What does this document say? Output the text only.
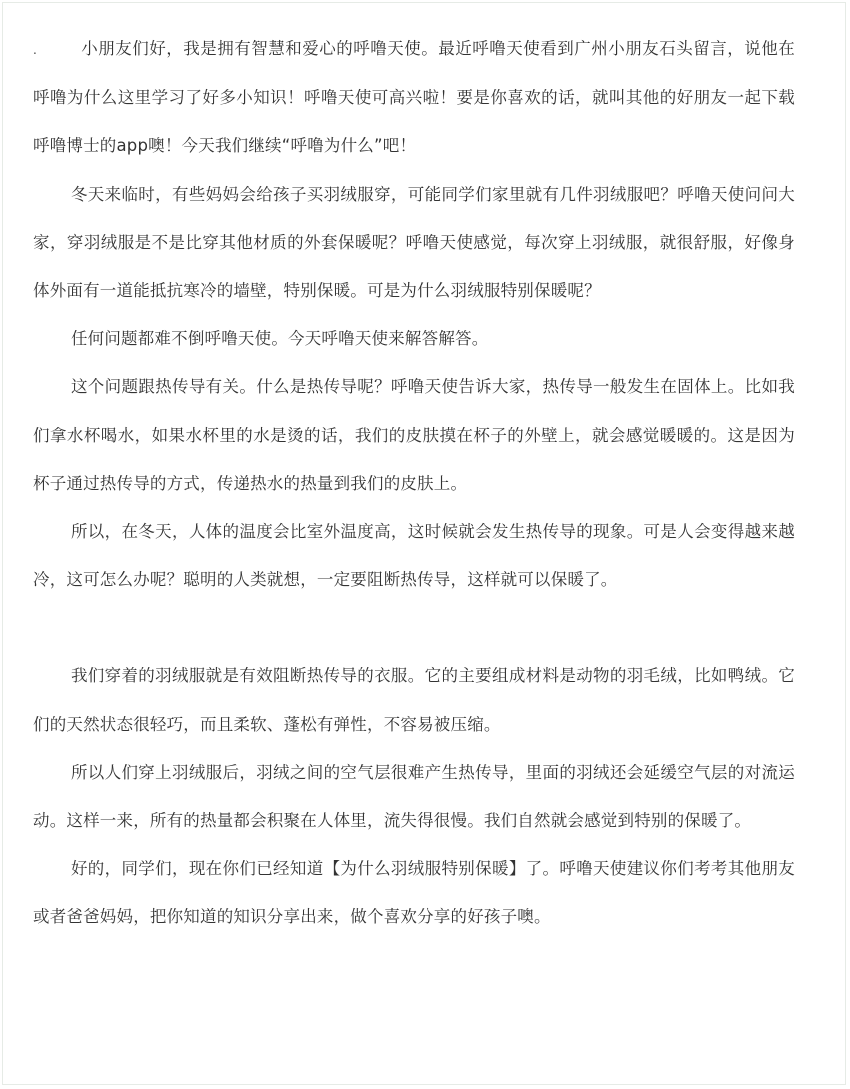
.	小朋友们好，我是拥有智慧和爱心的呼噜天使。最近呼噜天使看到广州小朋友石头留言，说他在呼噜为什么这里学习了好多小知识！呼噜天使可高兴啦！要是你喜欢的话，就叫其他的好朋友一起下载呼噜博士的app噢！今天我们继续“呼噜为什么”吧！

冬天来临时，有些妈妈会给孩子买羽绒服穿，可能同学们家里就有几件羽绒服吧？呼噜天使问问大家，穿羽绒服是不是比穿其他材质的外套保暖呢？呼噜天使感觉，每次穿上羽绒服，就很舒服，好像身体外面有一道能抵抗寒冷的墙壁，特别保暖。可是为什么羽绒服特别保暖呢？

任何问题都难不倒呼噜天使。今天呼噜天使来解答解答。

这个问题跟热传导有关。什么是热传导呢？呼噜天使告诉大家，热传导一般发生在固体上。比如我们拿水杯喝水，如果水杯里的水是烫的话，我们的皮肤摸在杯子的外壁上，就会感觉暖暖的。这是因为杯子通过热传导的方式，传递热水的热量到我们的皮肤上。

所以，在冬天，人体的温度会比室外温度高，这时候就会发生热传导的现象。可是人会变得越来越冷，这可怎么办呢？聪明的人类就想，一定要阻断热传导，这样就可以保暖了。

我们穿着的羽绒服就是有效阻断热传导的衣服。它的主要组成材料是动物的羽毛绒，比如鸭绒。它们的天然状态很轻巧，而且柔软、蓬松有弹性，不容易被压缩。

所以人们穿上羽绒服后，羽绒之间的空气层很难产生热传导，里面的羽绒还会延缓空气层的对流运动。这样一来，所有的热量都会积聚在人体里，流失得很慢。我们自然就会感觉到特别的保暖了。

好的，同学们，现在你们已经知道【为什么羽绒服特别保暖】了。呼噜天使建议你们考考其他朋友或者爸爸妈妈，把你知道的知识分享出来，做个喜欢分享的好孩子噢。
